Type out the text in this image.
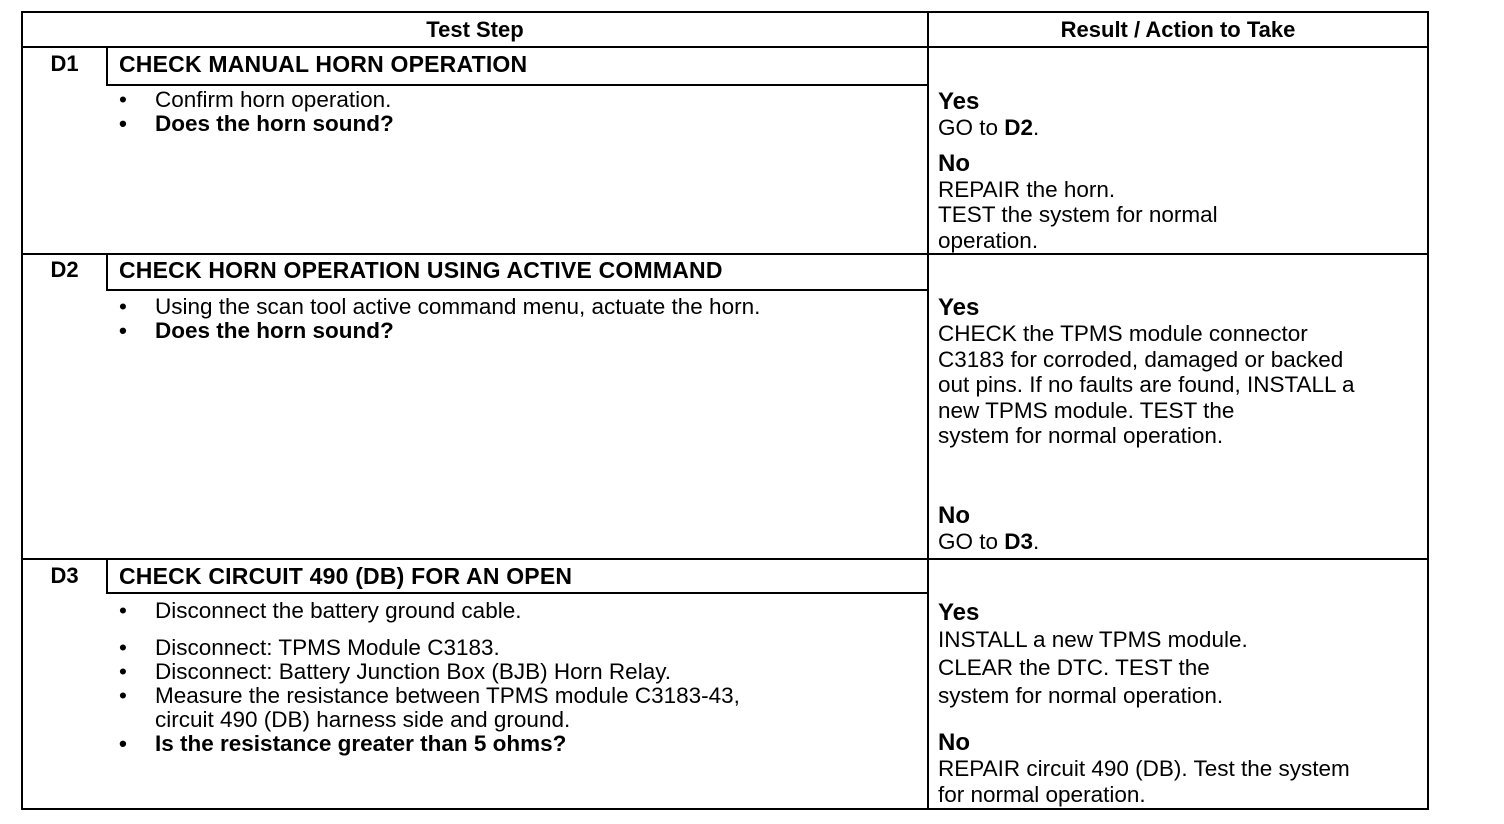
Test Step	Result / Action to Take
D1	CHECK MANUAL HORN OPERATION
• Confirm horn operation.
• Does the horn sound?
Yes
GO to D2.
No
REPAIR the horn.
TEST the system for normal
operation.
D2	CHECK HORN OPERATION USING ACTIVE COMMAND
• Using the scan tool active command menu, actuate the horn.
• Does the horn sound?
Yes
CHECK the TPMS module connector
C3183 for corroded, damaged or backed
out pins. If no faults are found, INSTALL a
new TPMS module. TEST the
system for normal operation.
No
GO to D3.
D3	CHECK CIRCUIT 490 (DB) FOR AN OPEN
• Disconnect the battery ground cable.
• Disconnect: TPMS Module C3183.
• Disconnect: Battery Junction Box (BJB) Horn Relay.
• Measure the resistance between TPMS module C3183-43,
circuit 490 (DB) harness side and ground.
• Is the resistance greater than 5 ohms?
Yes
INSTALL a new TPMS module.
CLEAR the DTC. TEST the
system for normal operation.
No
REPAIR circuit 490 (DB). Test the system
for normal operation.
